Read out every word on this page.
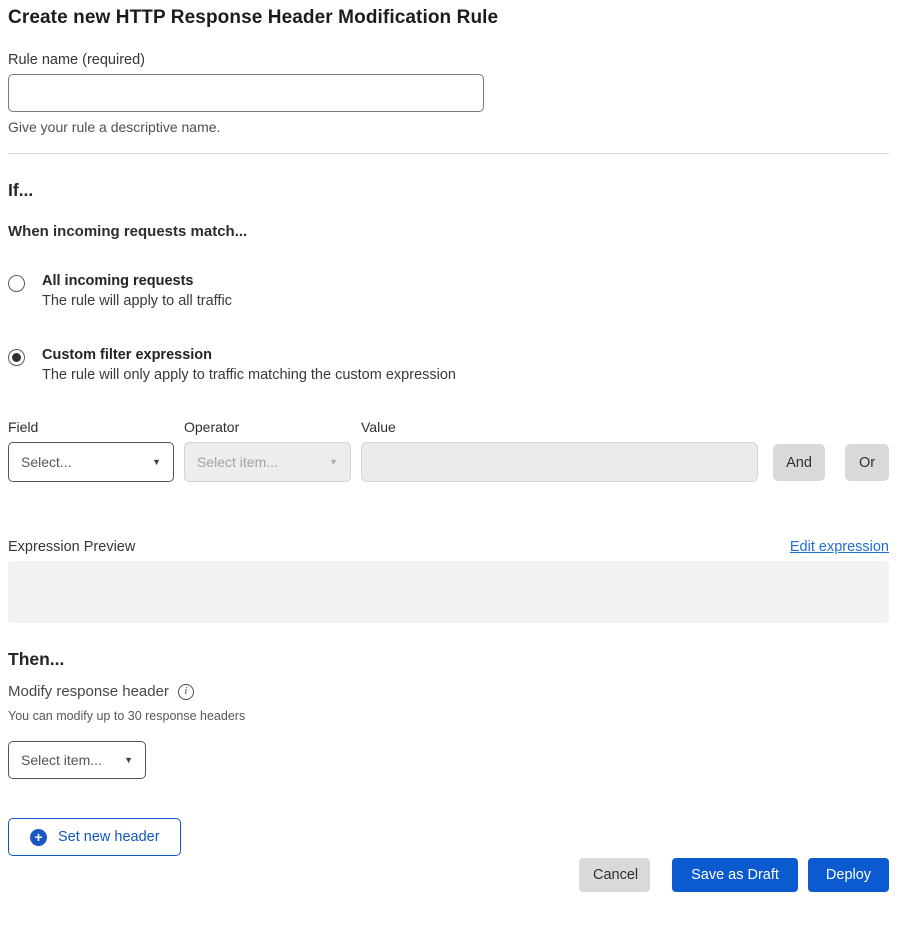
Create new HTTP Response Header Modification Rule
Rule name (required)
Give your rule a descriptive name.
If...
When incoming requests match...
All incoming requests
The rule will apply to all traffic
Custom filter expression
The rule will only apply to traffic matching the custom expression
Field
Select...	▼
Operator
Select item...	▼
Value
And	Or
Expression Preview	Edit expression
Then...
Modify response header	i
You can modify up to 30 response headers
Select item... ▼
+	Set new header
Cancel	Save as Draft	Deploy
